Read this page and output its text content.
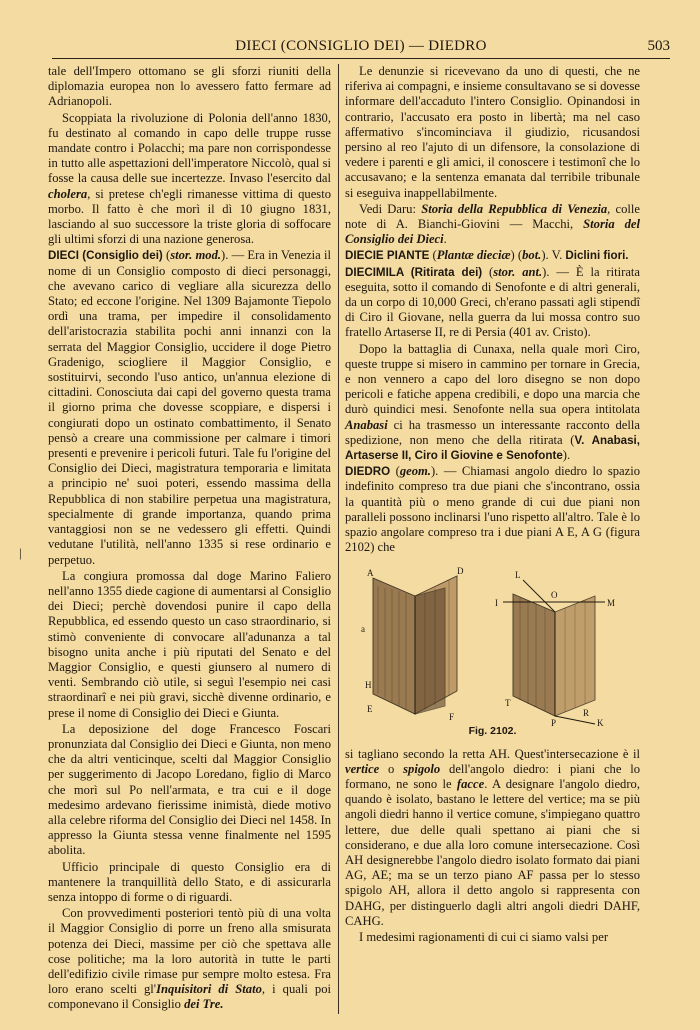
DIECI (CONSIGLIO DEI) — DIEDRO	503
|

tale dell'Impero ottomano se gli sforzi riuniti della diplomazia europea non lo avessero fatto fermare ad Adrianopoli.

Scoppiata la rivoluzione di Polonia dell'anno 1830, fu destinato al comando in capo delle truppe russe mandate contro i Polacchi; ma pare non corrispondesse in tutto alle aspettazioni dell'imperatore Niccolò, qual si fosse la causa delle sue incertezze. Invaso l'esercito dal cholera, si pretese ch'egli rimanesse vittima di questo morbo. Il fatto è che morì il dì 10 giugno 1831, lasciando al suo successore la triste gloria di soffocare gli ultimi sforzi di una nazione generosa.

DIECI (Consiglio dei) (stor. mod.). — Era in Venezia il nome di un Consiglio composto di dieci personaggi, che avevano carico di vegliare alla sicurezza dello Stato; ed eccone l'origine. Nel 1309 Bajamonte Tiepolo ordì una trama, per impedire il consolidamento dell'aristocrazia stabilita pochi anni innanzi con la serrata del Maggior Consiglio, uccidere il doge Pietro Gradenigo, sciogliere il Maggior Consiglio, e sostituirvi, secondo l'uso antico, un'annua elezione di cittadini. Conosciuta dai capi del governo questa trama il giorno prima che dovesse scoppiare, e dispersi i congiurati dopo un ostinato combattimento, il Senato pensò a creare una commissione per calmare i timori presenti e prevenire i pericoli futuri. Tale fu l'origine del Consiglio dei Dieci, magistratura temporaria e limitata a principio ne' suoi poteri, essendo massima della Repubblica di non stabilire perpetua una magistratura, specialmente di grande importanza, quando prima vantaggiosi non se ne vedessero gli effetti. Quindi vedutane l'utilità, nell'anno 1335 si rese ordinario e perpetuo.

La congiura promossa dal doge Marino Faliero nell'anno 1355 diede cagione di aumentarsi al Consiglio dei Dieci; perchè dovendosi punire il capo della Repubblica, ed essendo questo un caso straordinario, si stimò conveniente di convocare all'adunanza a tal bisogno unita anche i più riputati del Senato e del Maggior Consiglio, e questi giunsero al numero di venti. Sembrando ciò utile, si seguì l'esempio nei casi straordinarî e nei più gravi, sicchè divenne ordinario, e prese il nome di Consiglio dei Dieci e Giunta.

La deposizione del doge Francesco Foscari pronunziata dal Consiglio dei Dieci e Giunta, non meno che da altri venticinque, scelti dal Maggior Consiglio per suggerimento di Jacopo Loredano, figlio di Marco che morì sul Po nell'armata, e tra cui e il doge medesimo ardevano fierissime inimistà, diede motivo alla celebre riforma del Consiglio dei Dieci nel 1458. In appresso la Giunta stessa venne finalmente nel 1595 abolita.

Ufficio principale di questo Consiglio era di mantenere la tranquillità dello Stato, e di assicurarla senza intoppo di forme o di riguardi.

Con provvedimenti posteriori tentò più di una volta il Maggior Consiglio di porre un freno alla smisurata potenza dei Dieci, massime per ciò che spettava alle cose politiche; ma la loro autorità in tutte le parti dell'edifizio civile rimase pur sempre molto estesa. Fra loro erano scelti gl'Inquisitori di Stato, i quali poi componevano il Consiglio dei Tre.

Le denunzie si ricevevano da uno di questi, che ne riferiva ai compagni, e insieme consultavano se si dovesse informare dell'accaduto l'intero Consiglio. Opinandosi in contrario, l'accusato era posto in libertà; ma nel caso affermativo s'incominciava il giudizio, ricusandosi persino al reo l'ajuto di un difensore, la consolazione di vedere i parenti e gli amici, il conoscere i testimonî che lo accusavano; e la sentenza emanata dal terribile tribunale si eseguiva inappellabilmente.

Vedi Daru: Storia della Repubblica di Venezia, colle note di A. Bianchi-Giovini — Macchi, Storia del Consiglio dei Dieci.

DIECIE PIANTE (Plantæ dieciæ) (bot.). V. Diclini fiori.

DIECIMILA (Ritirata dei) (stor. ant.). — È la ritirata eseguita, sotto il comando di Senofonte e di altri generali, da un corpo di 10,000 Greci, ch'erano passati agli stipendî di Ciro il Giovane, nella guerra da lui mossa contro suo fratello Artaserse II, re di Persia (401 av. Cristo).

Dopo la battaglia di Cunaxa, nella quale morì Ciro, queste truppe si misero in cammino per tornare in Grecia, e non vennero a capo del loro disegno se non dopo pericoli e fatiche appena credibili, e dopo una marcia che durò quindici mesi. Senofonte nella sua opera intitolata Anabasi ci ha trasmesso un interessante racconto della spedizione, non meno che della ritirata (V. Anabasi, Artaserse II, Ciro il Giovine e Senofonte).

DIEDRO (geom.). — Chiamasi angolo diedro lo spazio indefinito compreso tra due piani che s'incontrano, ossia la quantità più o meno grande di cui due piani non paralleli possono inclinarsi l'uno rispetto all'altro. Tale è lo spazio angolare compreso tra i due piani A E, A G (figura 2102) che

A	D
a
H
E
F
L
I
O
M
T
P
R
K
Fig. 2102.

si tagliano secondo la retta AH. Quest'intersecazione è il vertice o spigolo dell'angolo diedro: i piani che lo formano, ne sono le facce. A designare l'angolo diedro, quando è isolato, bastano le lettere del vertice; ma se più angoli diedri hanno il vertice comune, s'impiegano quattro lettere, due delle quali spettano ai piani che si considerano, e due alla loro comune intersecazione. Così AH designerebbe l'angolo diedro isolato formato dai piani AG, AE; ma se un terzo piano AF passa per lo stesso spigolo AH, allora il detto angolo si rappresenta con DAHG, per distinguerlo dagli altri angoli diedri DAHF, CAHG.

I medesimi ragionamenti di cui ci siamo valsi per
